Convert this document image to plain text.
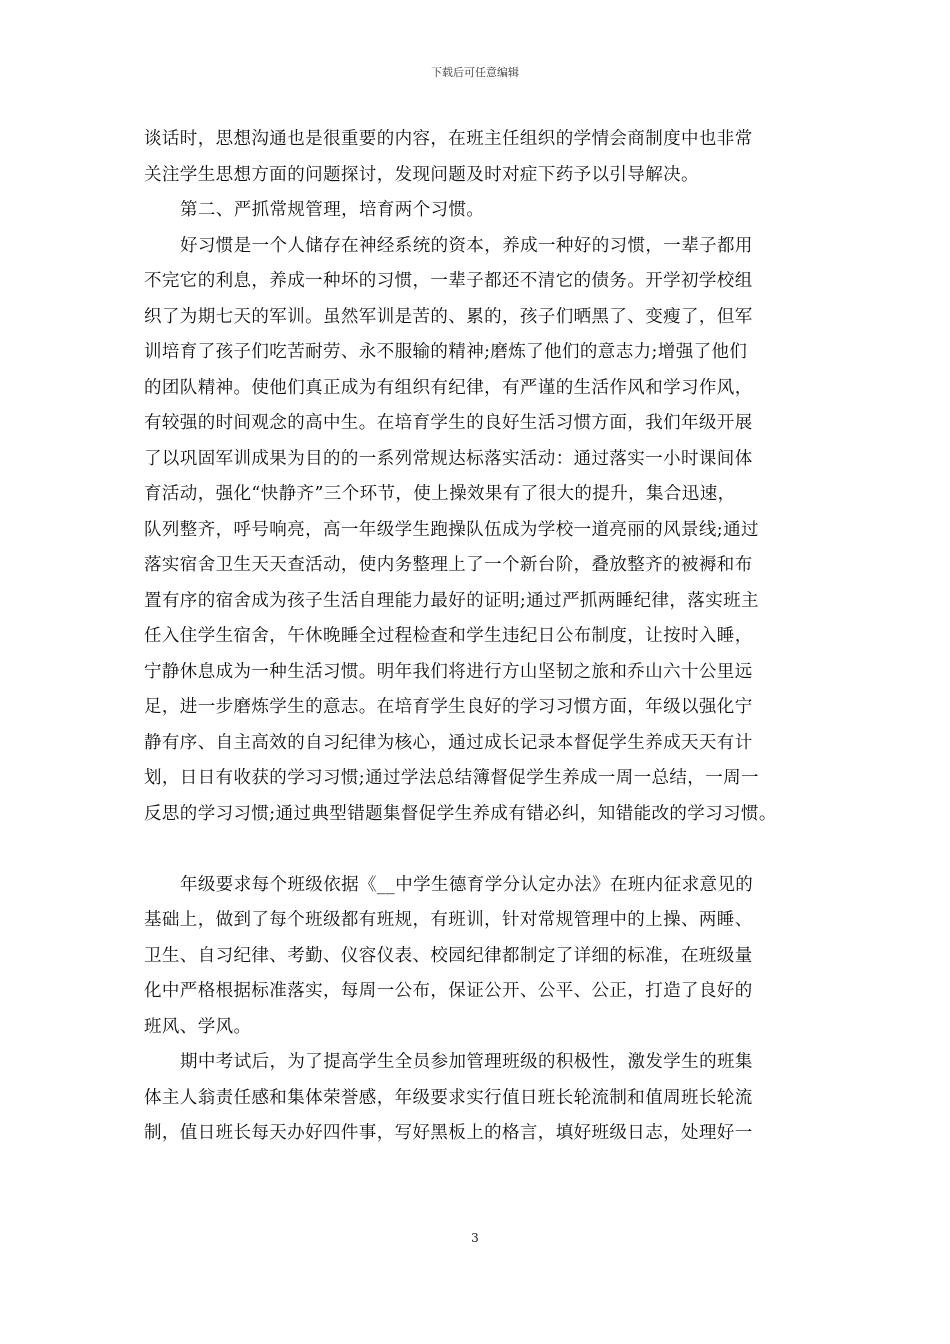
下载后可任意编辑
谈话时，思想沟通也是很重要的内容，在班主任组织的学情会商制度中也非常
关注学生思想方面的问题探讨，发现问题及时对症下药予以引导解决。
第二、严抓常规管理，培育两个习惯。
好习惯是一个人储存在神经系统的资本，养成一种好的习惯，一辈子都用
不完它的利息，养成一种坏的习惯，一辈子都还不清它的债务。开学初学校组
织了为期七天的军训。虽然军训是苦的、累的，孩子们晒黑了、变瘦了，但军
训培育了孩子们吃苦耐劳、永不服输的精神;磨炼了他们的意志力;增强了他们
的团队精神。使他们真正成为有组织有纪律，有严谨的生活作风和学习作风，
有较强的时间观念的高中生。在培育学生的良好生活习惯方面，我们年级开展
了以巩固军训成果为目的的一系列常规达标落实活动：通过落实一小时课间体
育活动，强化“快静齐”三个环节，使上操效果有了很大的提升，集合迅速，
队列整齐，呼号响亮，高一年级学生跑操队伍成为学校一道亮丽的风景线;通过
落实宿舍卫生天天查活动，使内务整理上了一个新台阶，叠放整齐的被褥和布
置有序的宿舍成为孩子生活自理能力最好的证明;通过严抓两睡纪律，落实班主
任入住学生宿舍，午休晚睡全过程检查和学生违纪日公布制度，让按时入睡，
宁静休息成为一种生活习惯。明年我们将进行方山坚韧之旅和乔山六十公里远
足，进一步磨炼学生的意志。在培育学生良好的学习习惯方面，年级以强化宁
静有序、自主高效的自习纪律为核心，通过成长记录本督促学生养成天天有计
划，日日有收获的学习习惯;通过学法总结簿督促学生养成一周一总结，一周一
反思的学习习惯;通过典型错题集督促学生养成有错必纠，知错能改的学习习惯。
年级要求每个班级依据《__中学生德育学分认定办法》在班内征求意见的
基础上，做到了每个班级都有班规，有班训，针对常规管理中的上操、两睡、
卫生、自习纪律、考勤、仪容仪表、校园纪律都制定了详细的标准，在班级量
化中严格根据标准落实，每周一公布，保证公开、公平、公正，打造了良好的
班风、学风。
期中考试后，为了提高学生全员参加管理班级的积极性，激发学生的班集
体主人翁责任感和集体荣誉感，年级要求实行值日班长轮流制和值周班长轮流
制，值日班长每天办好四件事，写好黑板上的格言，填好班级日志，处理好一
3
